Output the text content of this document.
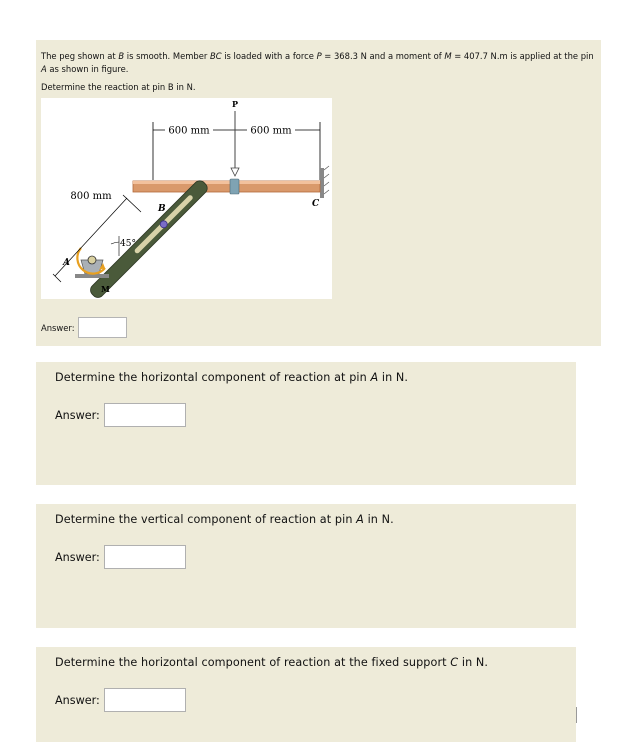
The peg shown at B is smooth. Member BC is loaded with a force P = 368.3 N and a moment of M = 407.7 N.m is applied at the pin A as shown in figure.
Determine the reaction at pin B in N.
600 mm	600 mm
P
C
B
A
M
45°
800 mm
Answer:
Determine the horizontal component of reaction at pin A in N.
Answer:
Determine the vertical component of reaction at pin A in N.
Answer:
Determine the horizontal component of reaction at the fixed support C in N.
Answer:
